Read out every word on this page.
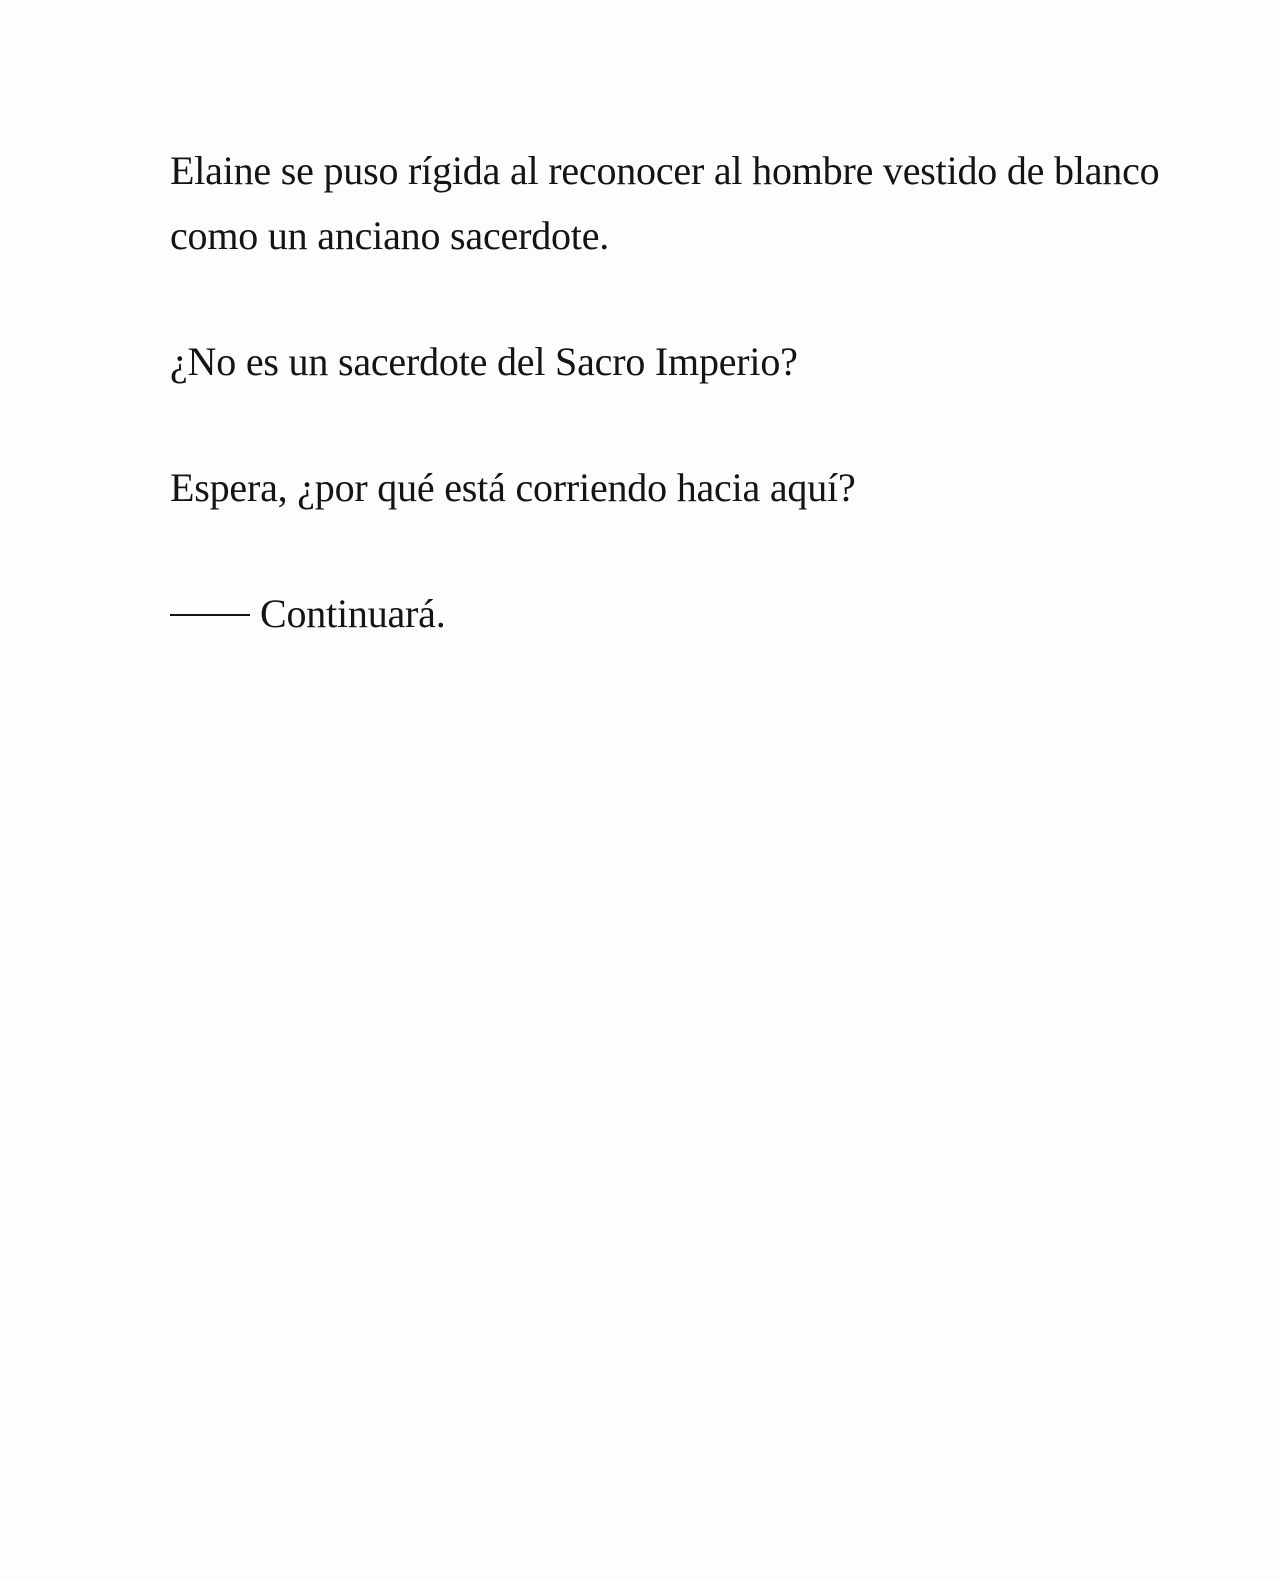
Elaine se puso rígida al reconocer al hombre vestido de blanco como un anciano sacerdote.

¿No es un sacerdote del Sacro Imperio?

Espera, ¿por qué está corriendo hacia aquí?

Continuará.
